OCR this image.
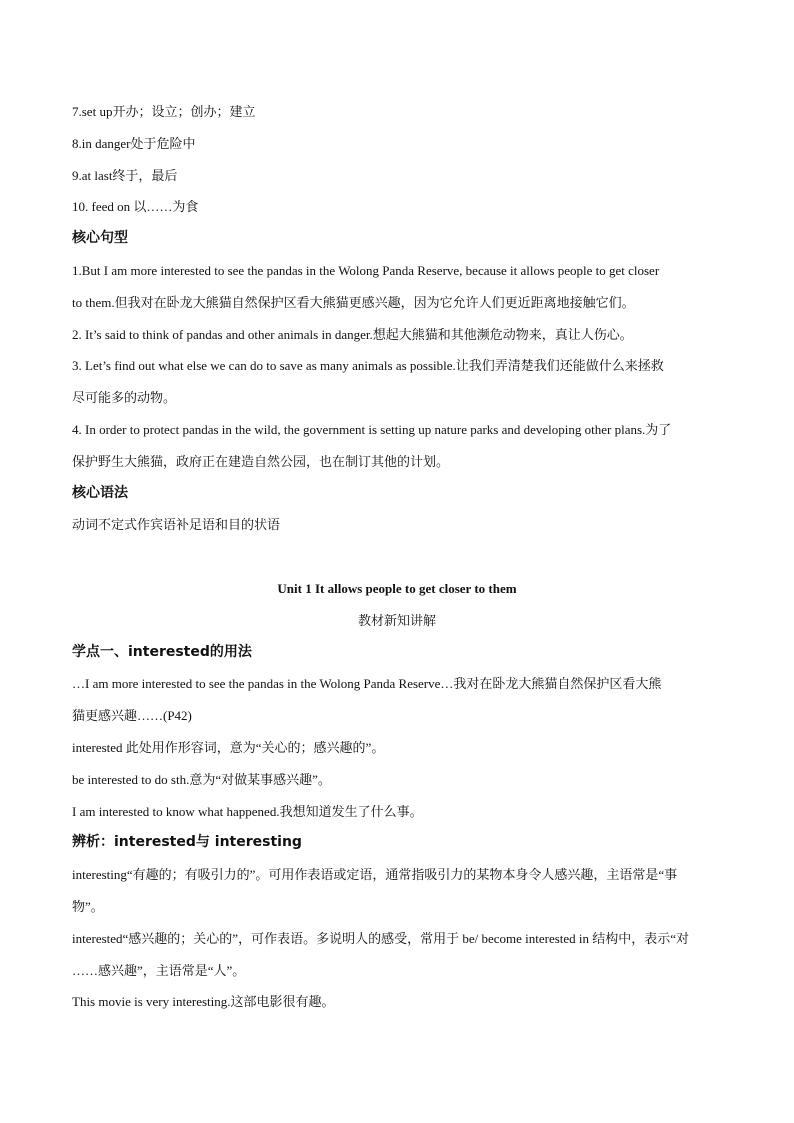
7.set up开办；设立；创办；建立
8.in danger处于危险中
9.at last终于，最后
10. feed on 以……为食
核心句型
1.But I am more interested to see the pandas in the Wolong Panda Reserve, because it allows people to get closer
to them.但我对在卧龙大熊猫自然保护区看大熊猫更感兴趣，因为它允许人们更近距离地接触它们。
2. It’s said to think of pandas and other animals in danger.想起大熊猫和其他濒危动物来，真让人伤心。
3. Let’s find out what else we can do to save as many animals as possible.让我们弄清楚我们还能做什么来拯救
尽可能多的动物。
4. In order to protect pandas in the wild, the government is setting up nature parks and developing other plans.为了
保护野生大熊猫，政府正在建造自然公园，也在制订其他的计划。
核心语法
动词不定式作宾语补足语和目的状语
Unit 1 It allows people to get closer to them
教材新知讲解
学点一、interested的用法
…I am more interested to see the pandas in the Wolong Panda Reserve…我对在卧龙大熊猫自然保护区看大熊
猫更感兴趣……(P42)
interested 此处用作形容词，意为“关心的；感兴趣的”。
be interested to do sth.意为“对做某事感兴趣”。
I am interested to know what happened.我想知道发生了什么事。
辨析：interested与 interesting
interesting“有趣的；有吸引力的”。可用作表语或定语，通常指吸引力的某物本身令人感兴趣，主语常是“事
物”。
interested“感兴趣的；关心的”，可作表语。多说明人的感受，常用于 be/ become interested in 结构中，表示“对
……感兴趣”，主语常是“人”。
This movie is very interesting.这部电影很有趣。
